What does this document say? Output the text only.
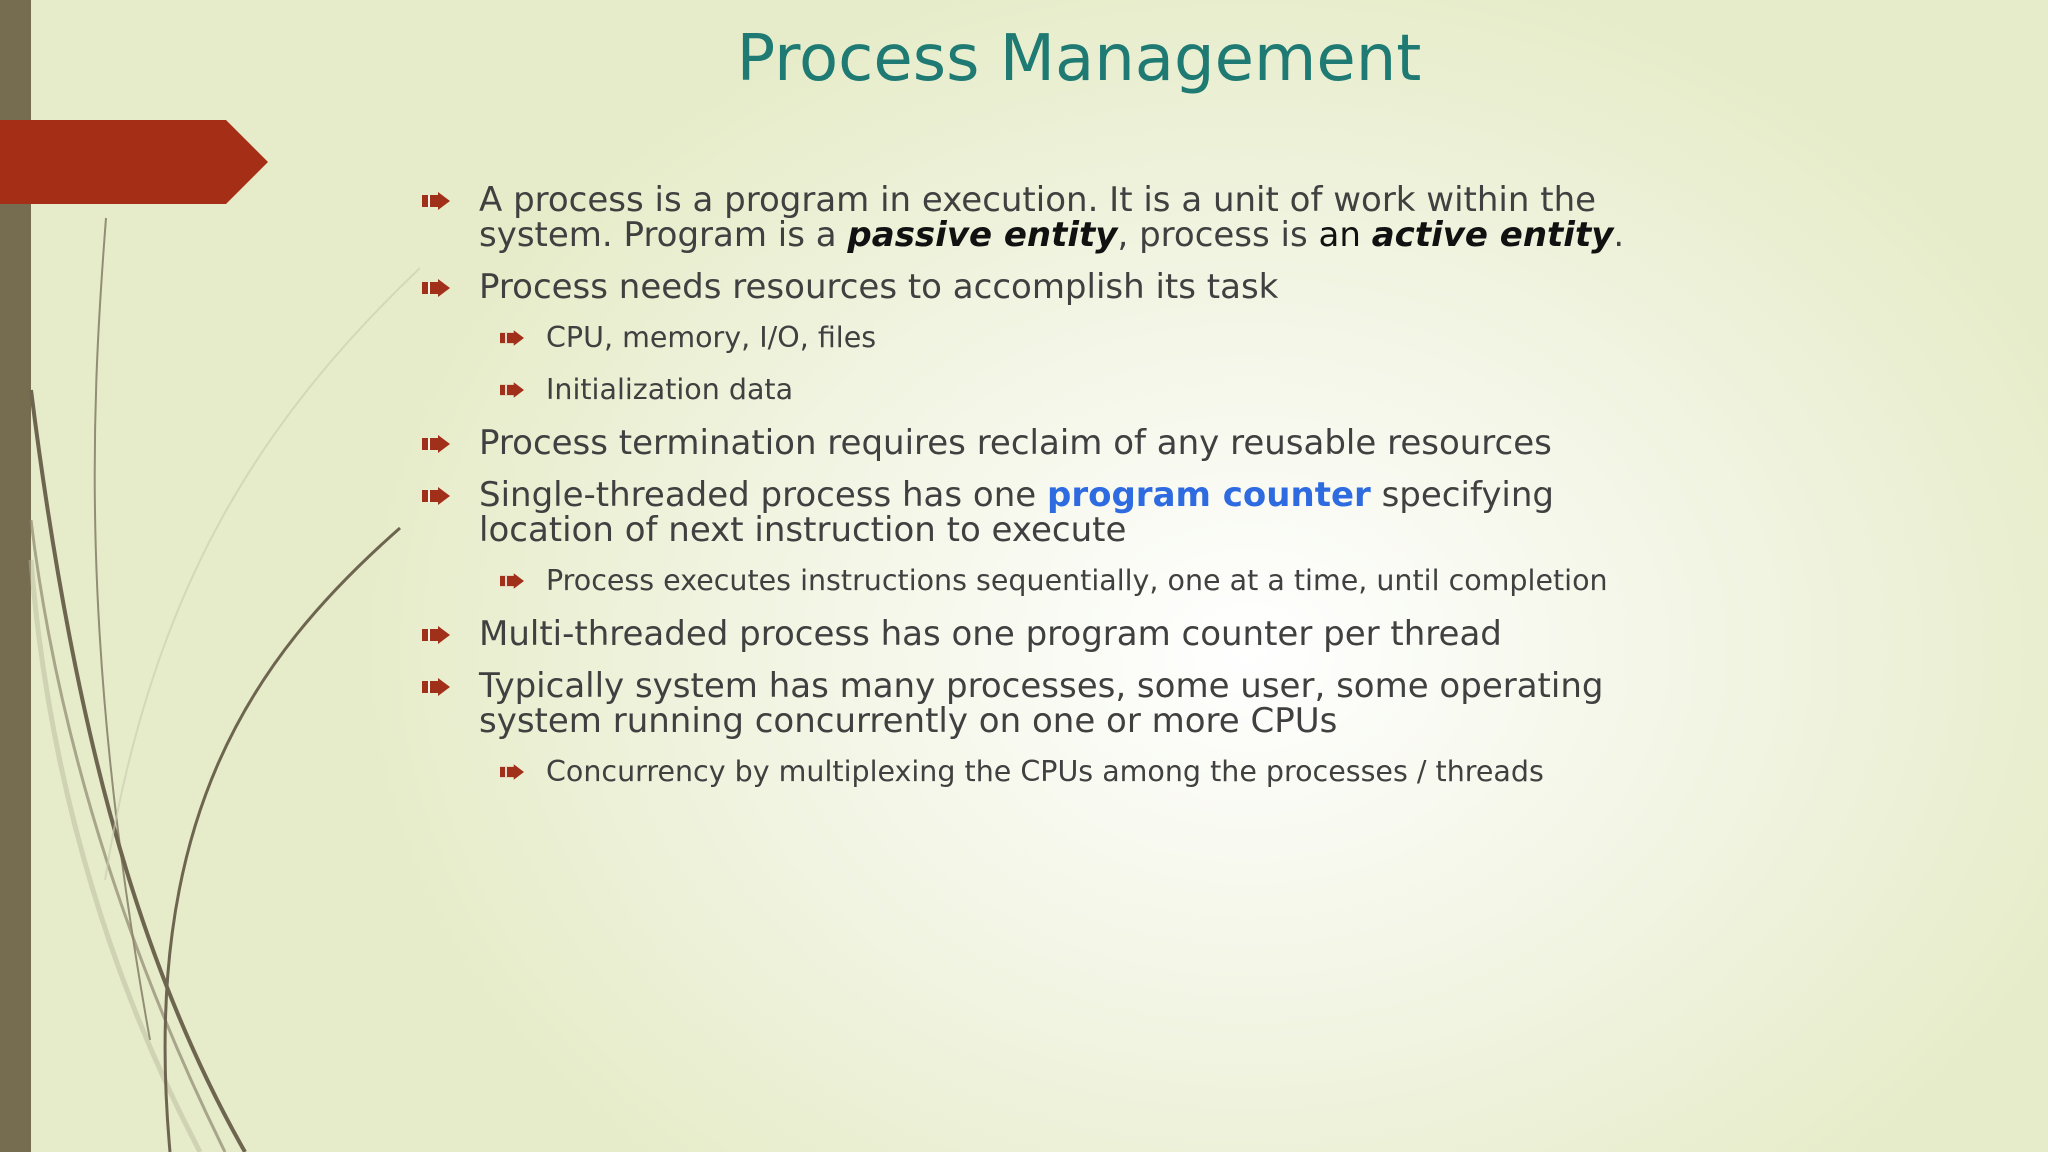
Process Management
A process is a program in execution. It is a unit of work within the
system. Program is a passive entity, process is an active entity.
Process needs resources to accomplish its task
CPU, memory, I/O, files
Initialization data
Process termination requires reclaim of any reusable resources
Single-threaded process has one program counter specifying
location of next instruction to execute
Process executes instructions sequentially, one at a time, until completion
Multi-threaded process has one program counter per thread
Typically system has many processes, some user, some operating
system running concurrently on one or more CPUs
Concurrency by multiplexing the CPUs among the processes / threads
